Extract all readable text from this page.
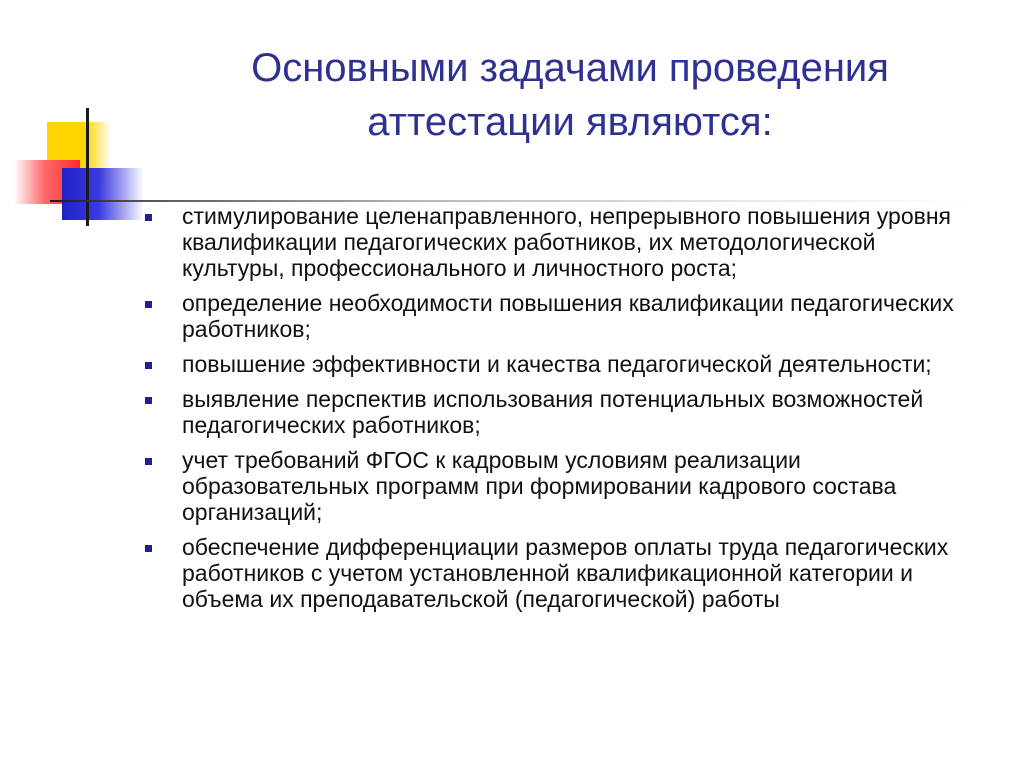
Основными задачами проведения
аттестации являются:
стимулирование целенаправленного, непрерывного повышения уровня квалификации педагогических работников, их методологической культуры, профессионального и личностного роста;
определение необходимости повышения квалификации педагогических работников;
повышение эффективности и качества педагогической деятельности;
выявление перспектив использования потенциальных возможностей педагогических работников;
учет требований ФГОС к кадровым условиям реализации образовательных программ при формировании кадрового состава организаций;
обеспечение дифференциации размеров оплаты труда педагогических работников с учетом установленной квалификационной категории и объема их преподавательской (педагогической) работы
